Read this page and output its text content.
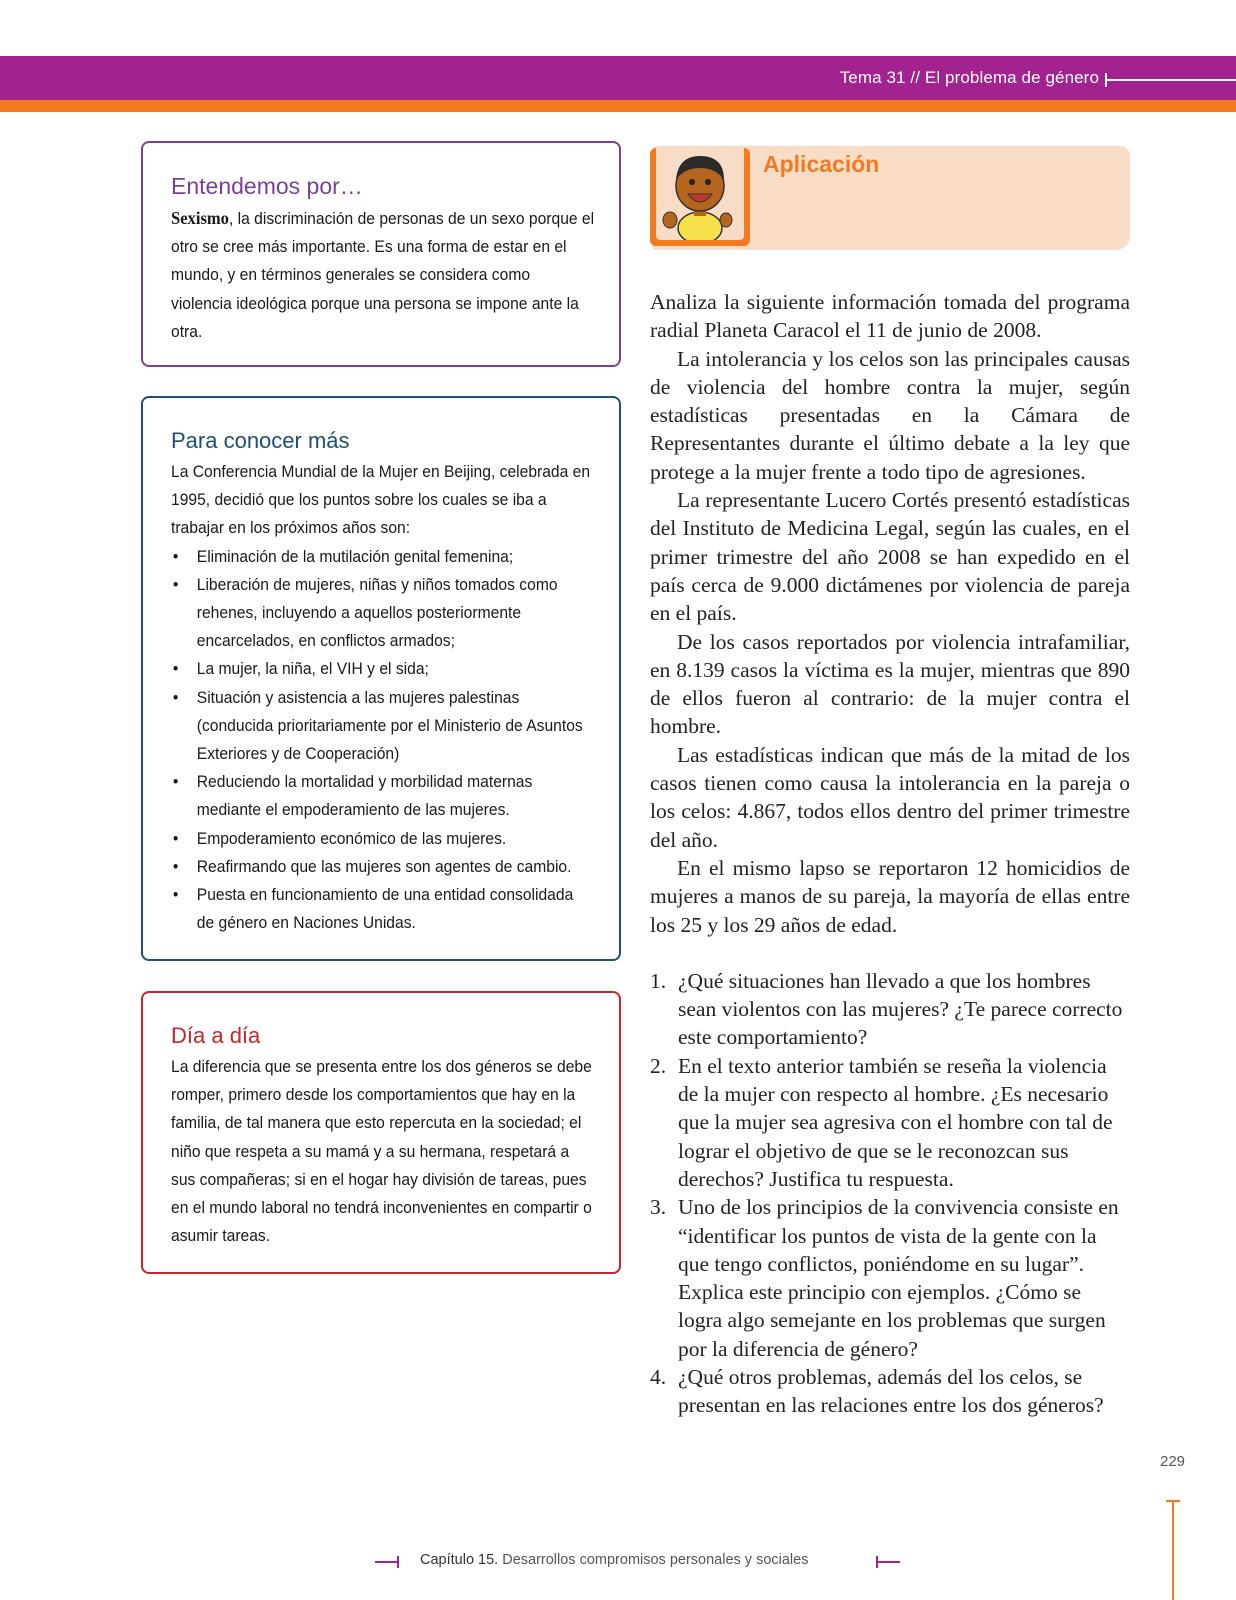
Tema 31 // El problema de género
Entendemos por…
Sexismo, la discriminación de personas de un sexo porque el otro se cree más importante. Es una forma de estar en el mundo, y en términos generales se considera como violencia ideológica porque una persona se impone ante la otra.
Para conocer más
La Conferencia Mundial de la Mujer en Beijing, celebrada en 1995, decidió que los puntos sobre los cuales se iba a trabajar en los próximos años son:
• Eliminación de la mutilación genital femenina;
• Liberación de mujeres, niñas y niños tomados como rehenes, incluyendo a aquellos posteriormente encarcelados, en conflictos armados;
• La mujer, la niña, el VIH y el sida;
• Situación y asistencia a las mujeres palestinas (conducida prioritariamente por el Ministerio de Asuntos Exteriores y de Cooperación)
• Reduciendo la mortalidad y morbilidad maternas mediante el empoderamiento de las mujeres.
• Empoderamiento económico de las mujeres.
• Reafirmando que las mujeres son agentes de cambio.
• Puesta en funcionamiento de una entidad consolidada de género en Naciones Unidas.
Día a día
La diferencia que se presenta entre los dos géneros se debe romper, primero desde los comportamientos que hay en la familia, de tal manera que esto repercuta en la sociedad; el niño que respeta a su mamá y a su hermana, respetará a sus compañeras; si en el hogar hay división de tareas, pues en el mundo laboral no tendrá inconvenientes en compartir o asumir tareas.
Aplicación

Analiza la siguiente información tomada del programa radial Planeta Caracol el 11 de junio de 2008.

La intolerancia y los celos son las principales causas de violencia del hombre contra la mujer, según estadísticas presentadas en la Cámara de Representantes durante el último debate a la ley que protege a la mujer frente a todo tipo de agresiones.

La representante Lucero Cortés presentó estadísticas del Instituto de Medicina Legal, según las cuales, en el primer trimestre del año 2008 se han expedido en el país cerca de 9.000 dictámenes por violencia de pareja en el país.

De los casos reportados por violencia intrafamiliar, en 8.139 casos la víctima es la mujer, mientras que 890 de ellos fueron al contrario: de la mujer contra el hombre.

Las estadísticas indican que más de la mitad de los casos tienen como causa la intolerancia en la pareja o los celos: 4.867, todos ellos dentro del primer trimestre del año.

En el mismo lapso se reportaron 12 homicidios de mujeres a manos de su pareja, la mayoría de ellas entre los 25 y los 29 años de edad.

1. ¿Qué situaciones han llevado a que los hombres sean violentos con las mujeres? ¿Te parece correcto este comportamiento?
2. En el texto anterior también se reseña la violencia de la mujer con respecto al hombre. ¿Es necesario que la mujer sea agresiva con el hombre con tal de lograr el objetivo de que se le reconozcan sus derechos? Justifica tu respuesta.
3. Uno de los principios de la convivencia consiste en “identificar los puntos de vista de la gente con la que tengo conflictos, poniéndome en su lugar”. Explica este principio con ejemplos. ¿Cómo se logra algo semejante en los problemas que surgen por la diferencia de género?
4. ¿Qué otros problemas, además del los celos, se presentan en las relaciones entre los dos géneros?
229
Capítulo 15. Desarrollos compromisos personales y sociales
